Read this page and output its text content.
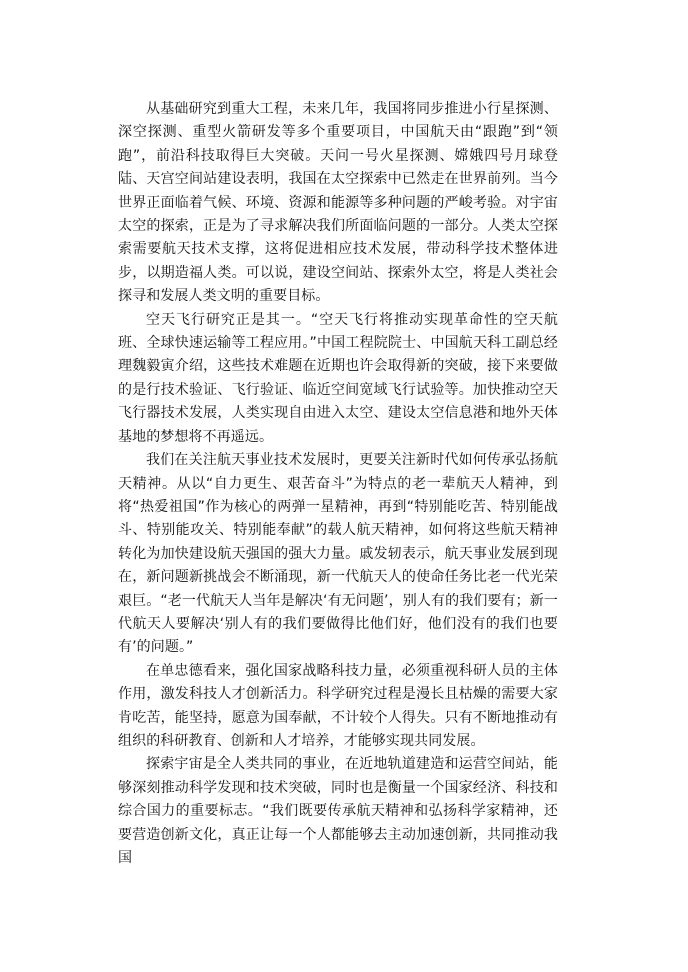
从基础研究到重大工程，未来几年，我国将同步推进小行星探测、深空探测、重型火箭研发等多个重要项目，中国航天由“跟跑”到“领跑”，前沿科技取得巨大突破。天问一号火星探测、嫦娥四号月球登陆、天宫空间站建设表明，我国在太空探索中已然走在世界前列。当今世界正面临着气候、环境、资源和能源等多种问题的严峻考验。对宇宙太空的探索，正是为了寻求解决我们所面临问题的一部分。人类太空探索需要航天技术支撑，这将促进相应技术发展，带动科学技术整体进步，以期造福人类。可以说，建设空间站、探索外太空，将是人类社会探寻和发展人类文明的重要目标。

空天飞行研究正是其一。“空天飞行将推动实现革命性的空天航班、全球快速运输等工程应用。”中国工程院院士、中国航天科工副总经理魏毅寅介绍，这些技术难题在近期也许会取得新的突破，接下来要做的是行技术验证、飞行验证、临近空间宽域飞行试验等。加快推动空天飞行器技术发展，人类实现自由进入太空、建设太空信息港和地外天体基地的梦想将不再遥远。

我们在关注航天事业技术发展时，更要关注新时代如何传承弘扬航天精神。从以“自力更生、艰苦奋斗”为特点的老一辈航天人精神，到将“热爱祖国”作为核心的两弹一星精神，再到“特别能吃苦、特别能战斗、特别能攻关、特别能奉献”的载人航天精神，如何将这些航天精神转化为加快建设航天强国的强大力量。戚发轫表示，航天事业发展到现在，新问题新挑战会不断涌现，新一代航天人的使命任务比老一代光荣艰巨。“老一代航天人当年是解决‘有无问题’，别人有的我们要有；新一代航天人要解决‘别人有的我们要做得比他们好，他们没有的我们也要有’的问题。”

在单忠德看来，强化国家战略科技力量，必须重视科研人员的主体作用，激发科技人才创新活力。科学研究过程是漫长且枯燥的需要大家肯吃苦，能坚持，愿意为国奉献，不计较个人得失。只有不断地推动有组织的科研教育、创新和人才培养，才能够实现共同发展。

探索宇宙是全人类共同的事业，在近地轨道建造和运营空间站，能够深刻推动科学发现和技术突破，同时也是衡量一个国家经济、科技和综合国力的重要标志。“我们既要传承航天精神和弘扬科学家精神，还要营造创新文化，真正让每一个人都能够去主动加速创新，共同推动我国
